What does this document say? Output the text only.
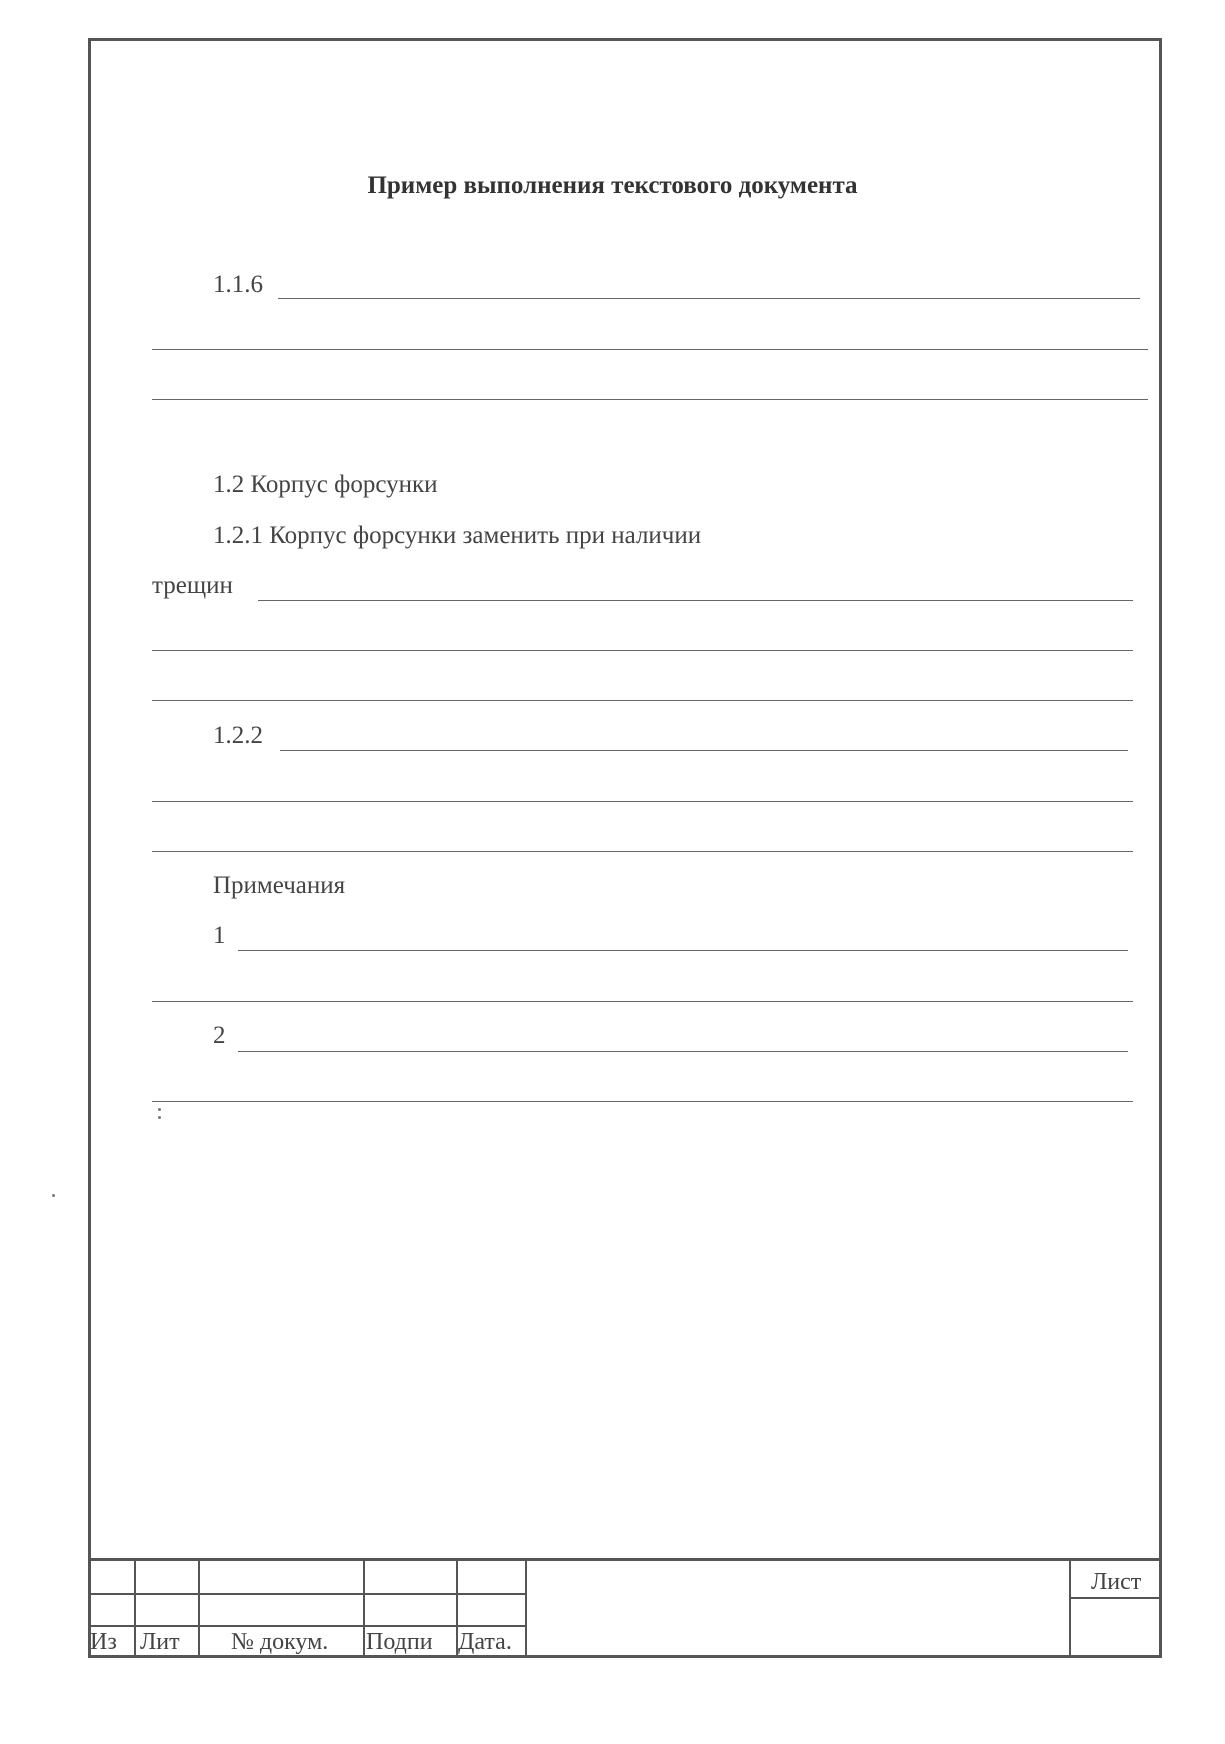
Пример выполнения текстового документа
1.1.6
1.2 Корпус форсунки
1.2.1 Корпус форсунки заменить при наличии
трещин
1.2.2
Примечания
1
2
Из Лит № докум. Подпи Дата.
Лист
